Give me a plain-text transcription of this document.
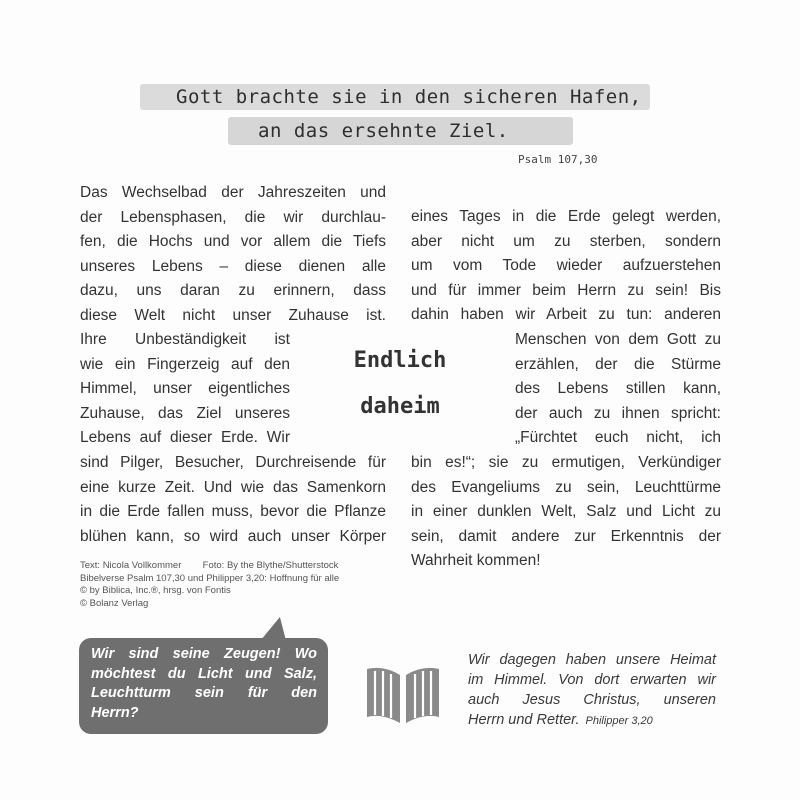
Gott brachte sie in den sicheren Hafen,
an das ersehnte Ziel.
Psalm 107,30
Das Wechselbad der Jahreszeiten und
der Lebensphasen, die wir durchlau-
fen, die Hochs und vor allem die Tiefs
unseres Lebens – diese dienen alle
dazu, uns daran zu erinnern, dass
diese Welt nicht unser Zuhause ist.
Ihre Unbeständigkeit ist
wie ein Fingerzeig auf den
Himmel, unser eigentliches
Zuhause, das Ziel unseres
Lebens auf dieser Erde. Wir
sind Pilger, Besucher, Durchreisende für
eine kurze Zeit. Und wie das Samenkorn
in die Erde fallen muss, bevor die Pflanze
blühen kann, so wird auch unser Körper
Endlich
daheim
eines Tages in die Erde gelegt werden,
aber nicht um zu sterben, sondern
um vom Tode wieder aufzuerstehen
und für immer beim Herrn zu sein! Bis
dahin haben wir Arbeit zu tun: anderen
Menschen von dem Gott zu
erzählen, der die Stürme
des Lebens stillen kann,
der auch zu ihnen spricht:
„Fürchtet euch nicht, ich
bin es!“; sie zu ermutigen, Verkündiger
des Evangeliums zu sein, Leuchttürme
in einer dunklen Welt, Salz und Licht zu
sein, damit andere zur Erkenntnis der
Wahrheit kommen!
Text: Nicola Vollkommer Foto: By the Blythe/Shutterstock
Bibelverse Psalm 107,30 und Philipper 3,20: Hoffnung für alle
© by Biblica, Inc.®, hrsg. von Fontis
© Bolanz Verlag
Wir sind seine Zeugen! Wo
möchtest du Licht und Salz,
Leuchtturm sein für den
Herrn?
Wir dagegen haben unsere Heimat
im Himmel. Von dort erwarten wir
auch Jesus Christus, unseren
Herrn und Retter. Philipper 3,20
